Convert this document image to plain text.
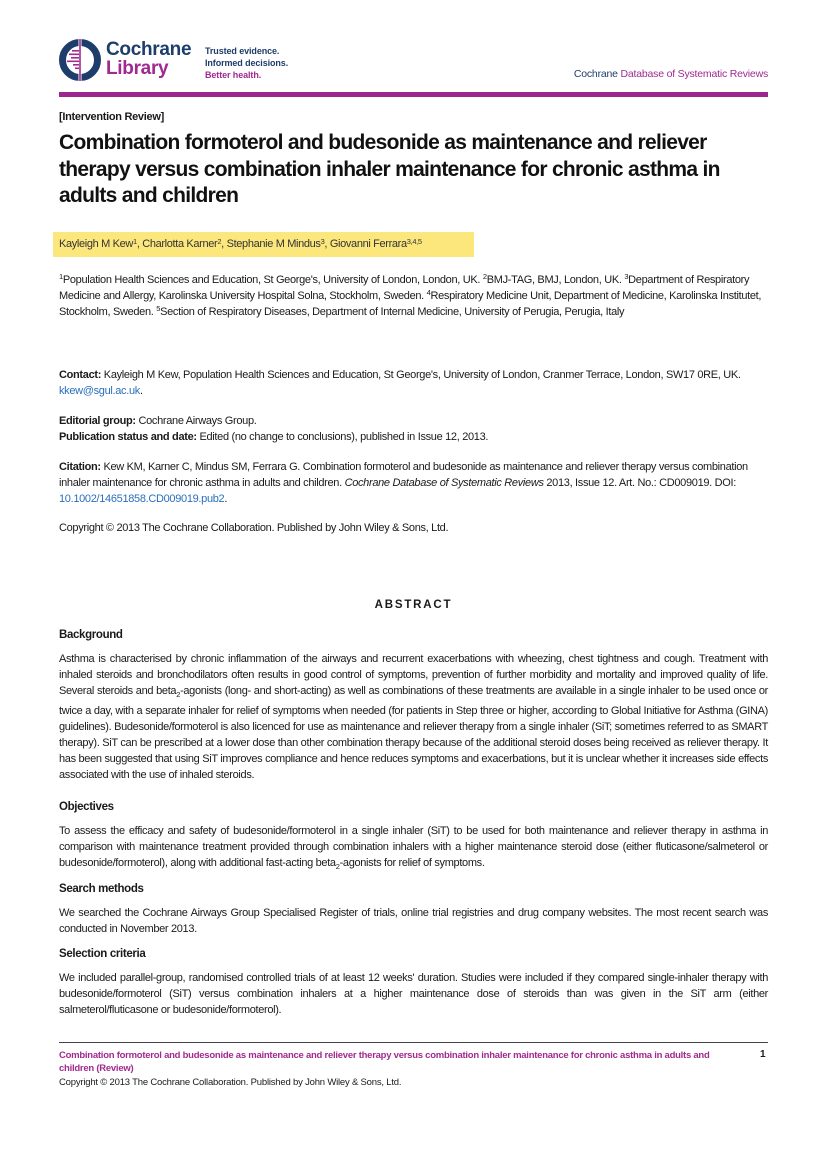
Cochrane
Library
Trusted evidence.
Informed decisions.
Better health.	Cochrane Database of Systematic Reviews
[Intervention Review]
Combination formoterol and budesonide as maintenance and reliever therapy versus combination inhaler maintenance for chronic asthma in adults and children
Kayleigh M Kew$^1$, Charlotta Karner$^2$, Stephanie M Mindus$^3$, Giovanni Ferrara$^{3,4,5}$
$^1$Population Health Sciences and Education, St George's, University of London, London, UK. $^2$BMJ-TAG, BMJ, London, UK. $^3$Department of Respiratory Medicine and Allergy, Karolinska University Hospital Solna, Stockholm, Sweden. $^4$Respiratory Medicine Unit, Department of Medicine, Karolinska Institutet, Stockholm, Sweden. $^5$Section of Respiratory Diseases, Department of Internal Medicine, University of Perugia, Perugia, Italy
Contact: Kayleigh M Kew, Population Health Sciences and Education, St George's, University of London, Cranmer Terrace, London, SW17 0RE, UK. kkew@sgul.ac.uk.
Editorial group: Cochrane Airways Group.
Publication status and date: Edited (no change to conclusions), published in Issue 12, 2013.
Citation: Kew KM, Karner C, Mindus SM, Ferrara G. Combination formoterol and budesonide as maintenance and reliever therapy versus combination inhaler maintenance for chronic asthma in adults and children. Cochrane Database of Systematic Reviews 2013, Issue 12. Art. No.: CD009019. DOI: 10.1002/14651858.CD009019.pub2.
Copyright © 2013 The Cochrane Collaboration. Published by John Wiley & Sons, Ltd.
ABSTRACT
Background
Asthma is characterised by chronic inflammation of the airways and recurrent exacerbations with wheezing, chest tightness and cough. Treatment with inhaled steroids and bronchodilators often results in good control of symptoms, prevention of further morbidity and mortality and improved quality of life. Several steroids and beta$_2$-agonists (long- and short-acting) as well as combinations of these treatments are available in a single inhaler to be used once or twice a day, with a separate inhaler for relief of symptoms when needed (for patients in Step three or higher, according to Global Initiative for Asthma (GINA) guidelines). Budesonide/formoterol is also licenced for use as maintenance and reliever therapy from a single inhaler (SiT; sometimes referred to as SMART therapy). SiT can be prescribed at a lower dose than other combination therapy because of the additional steroid doses being received as reliever therapy. It has been suggested that using SiT improves compliance and hence reduces symptoms and exacerbations, but it is unclear whether it increases side effects associated with the use of inhaled steroids.
Objectives
To assess the efficacy and safety of budesonide/formoterol in a single inhaler (SiT) to be used for both maintenance and reliever therapy in asthma in comparison with maintenance treatment provided through combination inhalers with a higher maintenance steroid dose (either fluticasone/salmeterol or budesonide/formoterol), along with additional fast-acting beta$_2$-agonists for relief of symptoms.
Search methods
We searched the Cochrane Airways Group Specialised Register of trials, online trial registries and drug company websites. The most recent search was conducted in November 2013.
Selection criteria
We included parallel-group, randomised controlled trials of at least 12 weeks' duration. Studies were included if they compared single-inhaler therapy with budesonide/formoterol (SiT) versus combination inhalers at a higher maintenance dose of steroids than was given in the SiT arm (either salmeterol/fluticasone or budesonide/formoterol).
Combination formoterol and budesonide as maintenance and reliever therapy versus combination inhaler maintenance for chronic asthma in adults and children (Review)
1
Copyright © 2013 The Cochrane Collaboration. Published by John Wiley & Sons, Ltd.
